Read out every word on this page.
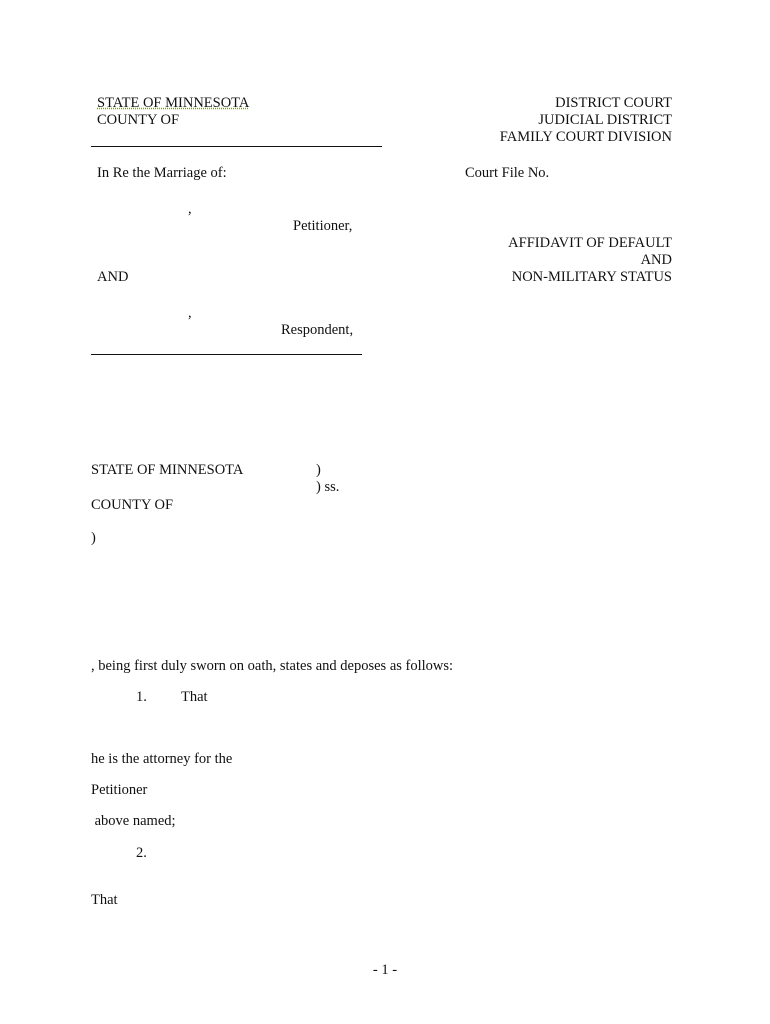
STATE OF MINNESOTA
COUNTY OF
DISTRICT COURT
JUDICIAL DISTRICT
FAMILY COURT DIVISION
In Re the Marriage of:	Court File No.
,
Petitioner,
AFFIDAVIT OF DEFAULT
AND
NON-MILITARY STATUS
AND
,
Respondent,
STATE OF MINNESOTA	)
) ss.
COUNTY OF
)
, being first duly sworn on oath, states and deposes as follows:
1. That
he is the attorney for the
Petitioner
above named;
2.
That
- 1 -
